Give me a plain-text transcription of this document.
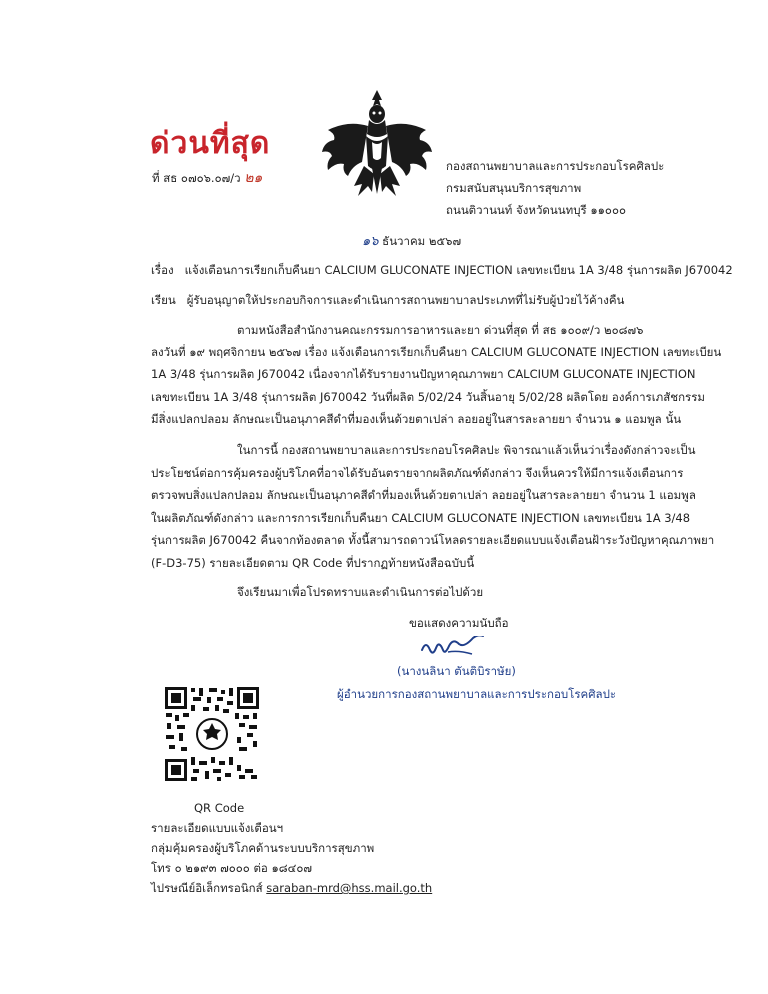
ด่วนที่สุด
ที่ สธ ๐๗๐๖.๐๗/ว ๒๑
กองสถานพยาบาลและการประกอบโรคศิลปะ
กรมสนับสนุนบริการสุขภาพ
ถนนติวานนท์ จังหวัดนนทบุรี ๑๑๐๐๐
๑๖ ธันวาคม ๒๕๖๗
เรื่อง แจ้งเตือนการเรียกเก็บคืนยา CALCIUM GLUCONATE INJECTION เลขทะเบียน 1A 3/48 รุ่นการผลิต J670042
เรียน ผู้รับอนุญาตให้ประกอบกิจการและดำเนินการสถานพยาบาลประเภทที่ไม่รับผู้ป่วยไว้ค้างคืน
ตามหนังสือสำนักงานคณะกรรมการอาหารและยา ด่วนที่สุด ที่ สธ ๑๐๐๙/ว ๒๐๘๗๖
ลงวันที่ ๑๙ พฤศจิกายน ๒๕๖๗ เรื่อง แจ้งเตือนการเรียกเก็บคืนยา CALCIUM GLUCONATE INJECTION เลขทะเบียน
1A 3/48 รุ่นการผลิต J670042 เนื่องจากได้รับรายงานปัญหาคุณภาพยา CALCIUM GLUCONATE INJECTION
เลขทะเบียน 1A 3/48 รุ่นการผลิต J670042 วันที่ผลิต 5/02/24 วันสิ้นอายุ 5/02/28 ผลิตโดย องค์การเภสัชกรรม
มีสิ่งแปลกปลอม ลักษณะเป็นอนุภาคสีดำที่มองเห็นด้วยตาเปล่า ลอยอยู่ในสารละลายยา จำนวน ๑ แอมพูล นั้น
ในการนี้ กองสถานพยาบาลและการประกอบโรคศิลปะ พิจารณาแล้วเห็นว่าเรื่องดังกล่าวจะเป็น
ประโยชน์ต่อการคุ้มครองผู้บริโภคที่อาจได้รับอันตรายจากผลิตภัณฑ์ดังกล่าว จึงเห็นควรให้มีการแจ้งเตือนการ
ตรวจพบสิ่งแปลกปลอม ลักษณะเป็นอนุภาคสีดำที่มองเห็นด้วยตาเปล่า ลอยอยู่ในสารละลายยา จำนวน 1 แอมพูล
ในผลิตภัณฑ์ดังกล่าว และการการเรียกเก็บคืนยา CALCIUM GLUCONATE INJECTION เลขทะเบียน 1A 3/48
รุ่นการผลิต J670042 คืนจากท้องตลาด ทั้งนี้สามารถดาวน์โหลดรายละเอียดแบบแจ้งเตือนฝ้าระวังปัญหาคุณภาพยา
(F-D3-75) รายละเอียดตาม QR Code ที่ปรากฏท้ายหนังสือฉบับนี้
จึงเรียนมาเพื่อโปรดทราบและดำเนินการต่อไปด้วย
ขอแสดงความนับถือ
(นางนลินา ตันติบิราษัย)
ผู้อำนวยการกองสถานพยาบาลและการประกอบโรคศิลปะ
QR Code
รายละเอียดแบบแจ้งเตือนฯ
กลุ่มคุ้มครองผู้บริโภคด้านระบบบริการสุขภาพ
โทร ๐ ๒๑๙๓ ๗๐๐๐ ต่อ ๑๘๔๐๗
ไปรษณีย์อิเล็กทรอนิกส์ saraban-mrd@hss.mail.go.th
